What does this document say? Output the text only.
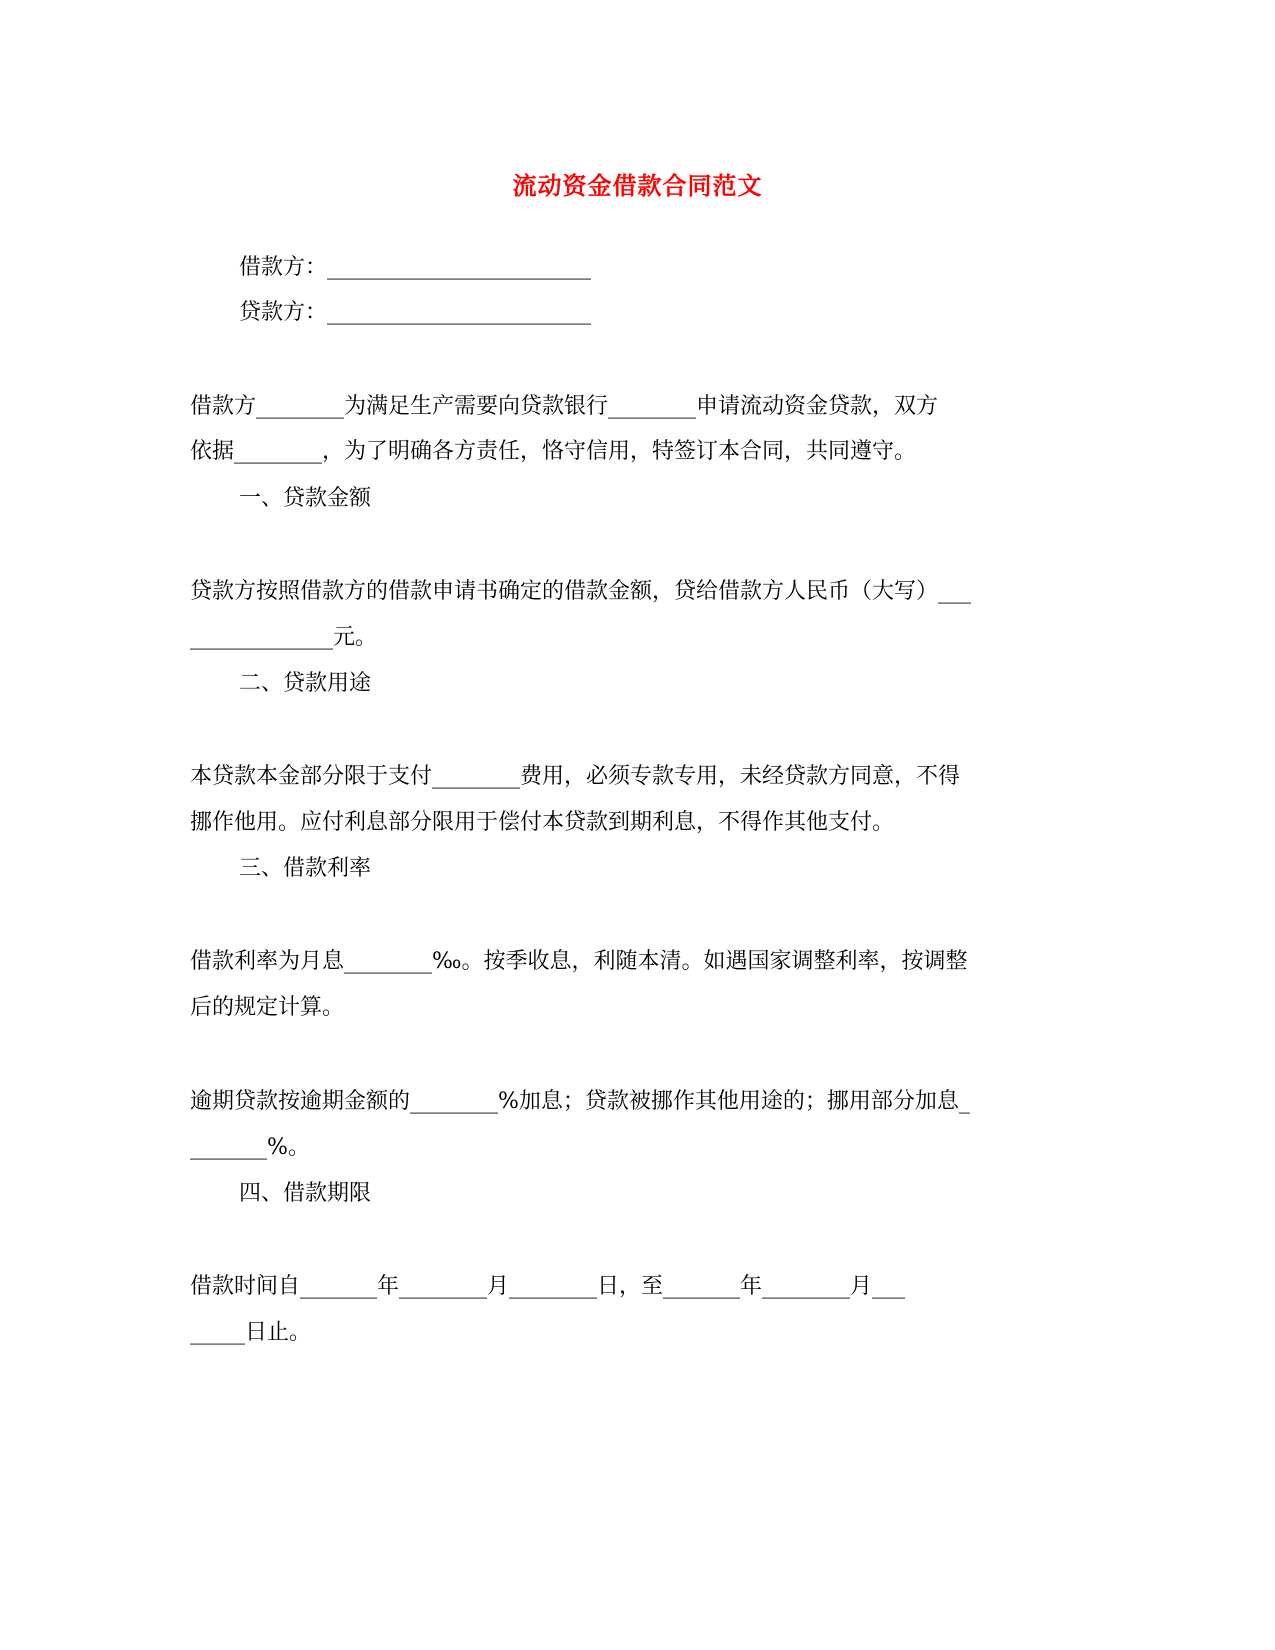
流动资金借款合同范文
借款方：________________________
贷款方：________________________
借款方________为满足生产需要向贷款银行________申请流动资金贷款，双方
依据________，为了明确各方责任，恪守信用，特签订本合同，共同遵守。
一、贷款金额
贷款方按照借款方的借款申请书确定的借款金额，贷给借款方人民币（大写）___
_____________元。
二、贷款用途
本贷款本金部分限于支付________费用，必须专款专用，未经贷款方同意，不得
挪作他用。应付利息部分限用于偿付本贷款到期利息，不得作其他支付。
三、借款利率
借款利率为月息________‰。按季收息，利随本清。如遇国家调整利率，按调整
后的规定计算。
逾期贷款按逾期金额的________%加息；贷款被挪作其他用途的；挪用部分加息_
_______%。
四、借款期限
借款时间自_______年________月________日，至_______年________月___
_____日止。
